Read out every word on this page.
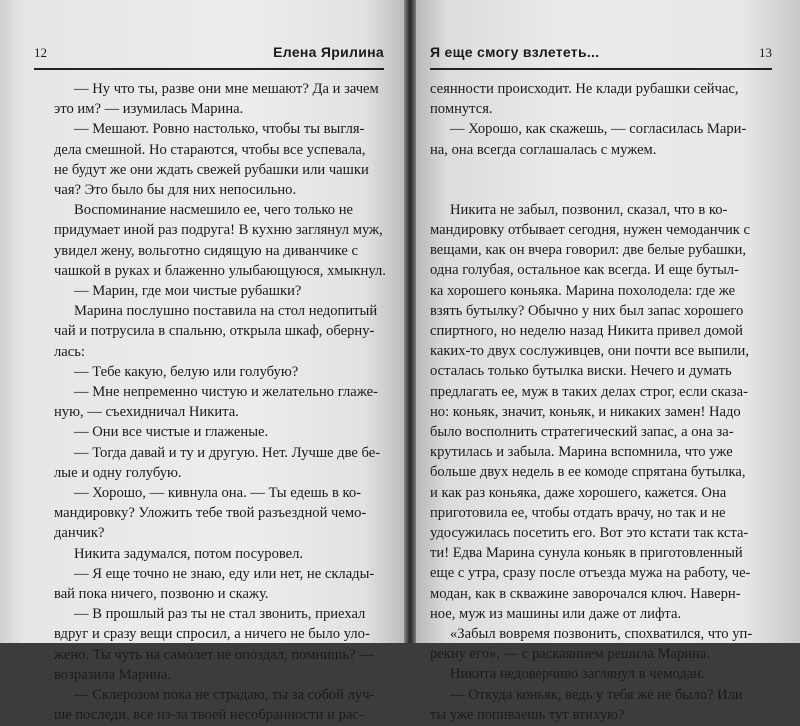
12	Елена Ярилина
— Ну что ты, разве они мне мешают? Да и зачем
это им? — изумилась Марина.
— Мешают. Ровно настолько, чтобы ты выгля-
дела смешной. Но стараются, чтобы все успевала,
не будут же они ждать свежей рубашки или чашки
чая? Это было бы для них непосильно.
Воспоминание насмешило ее, чего только не
придумает иной раз подруга! В кухню заглянул муж,
увидел жену, вольготно сидящую на диванчике с
чашкой в руках и блаженно улыбающуюся, хмыкнул.
— Марин, где мои чистые рубашки?
Марина послушно поставила на стол недопитый
чай и потрусила в спальню, открыла шкаф, оберну-
лась:
— Тебе какую, белую или голубую?
— Мне непременно чистую и желательно глаже-
ную, — съехидничал Никита.
— Они все чистые и глаженые.
— Тогда давай и ту и другую. Нет. Лучше две бе-
лые и одну голубую.
— Хорошо, — кивнула она. — Ты едешь в ко-
мандировку? Уложить тебе твой разъездной чемо-
данчик?
Никита задумался, потом посуровел.
— Я еще точно не знаю, еду или нет, не склады-
вай пока ничего, позвоню и скажу.
— В прошлый раз ты не стал звонить, приехал
вдруг и сразу вещи спросил, а ничего не было уло-
жено. Ты чуть на самолет не опоздал, помнишь? —
возразила Марина.
— Склерозом пока не страдаю, ты за собой луч-
ше последи, все из-за твоей несобранности и рас-
Я еще смогу взлететь...	13
сеянности происходит. Не клади рубашки сейчас,
помнутся.
— Хорошо, как скажешь, — согласилась Мари-
на, она всегда соглашалась с мужем.
Никита не забыл, позвонил, сказал, что в ко-
мандировку отбывает сегодня, нужен чемоданчик с
вещами, как он вчера говорил: две белые рубашки,
одна голубая, остальное как всегда. И еще бутыл-
ка хорошего коньяка. Марина похолодела: где же
взять бутылку? Обычно у них был запас хорошего
спиртного, но неделю назад Никита привел домой
каких-то двух сослуживцев, они почти все выпили,
осталась только бутылка виски. Нечего и думать
предлагать ее, муж в таких делах строг, если сказа-
но: коньяк, значит, коньяк, и никаких замен! Надо
было восполнить стратегический запас, а она за-
крутилась и забыла. Марина вспомнила, что уже
больше двух недель в ее комоде спрятана бутылка,
и как раз коньяка, даже хорошего, кажется. Она
приготовила ее, чтобы отдать врачу, но так и не
удосужилась посетить его. Вот это кстати так кста-
ти! Едва Марина сунула коньяк в приготовленный
еще с утра, сразу после отъезда мужа на работу, че-
модан, как в скважине заворочался ключ. Наверн-
ное, муж из машины или даже от лифта.
«Забыл вовремя позвонить, спохватился, что уп-
рекну его», — с раскаянием решила Марина.
Никита недоверчиво заглянул в чемодан.
— Откуда коньяк, ведь у тебя же не было? Или
ты уже попиваешь тут втихую?
